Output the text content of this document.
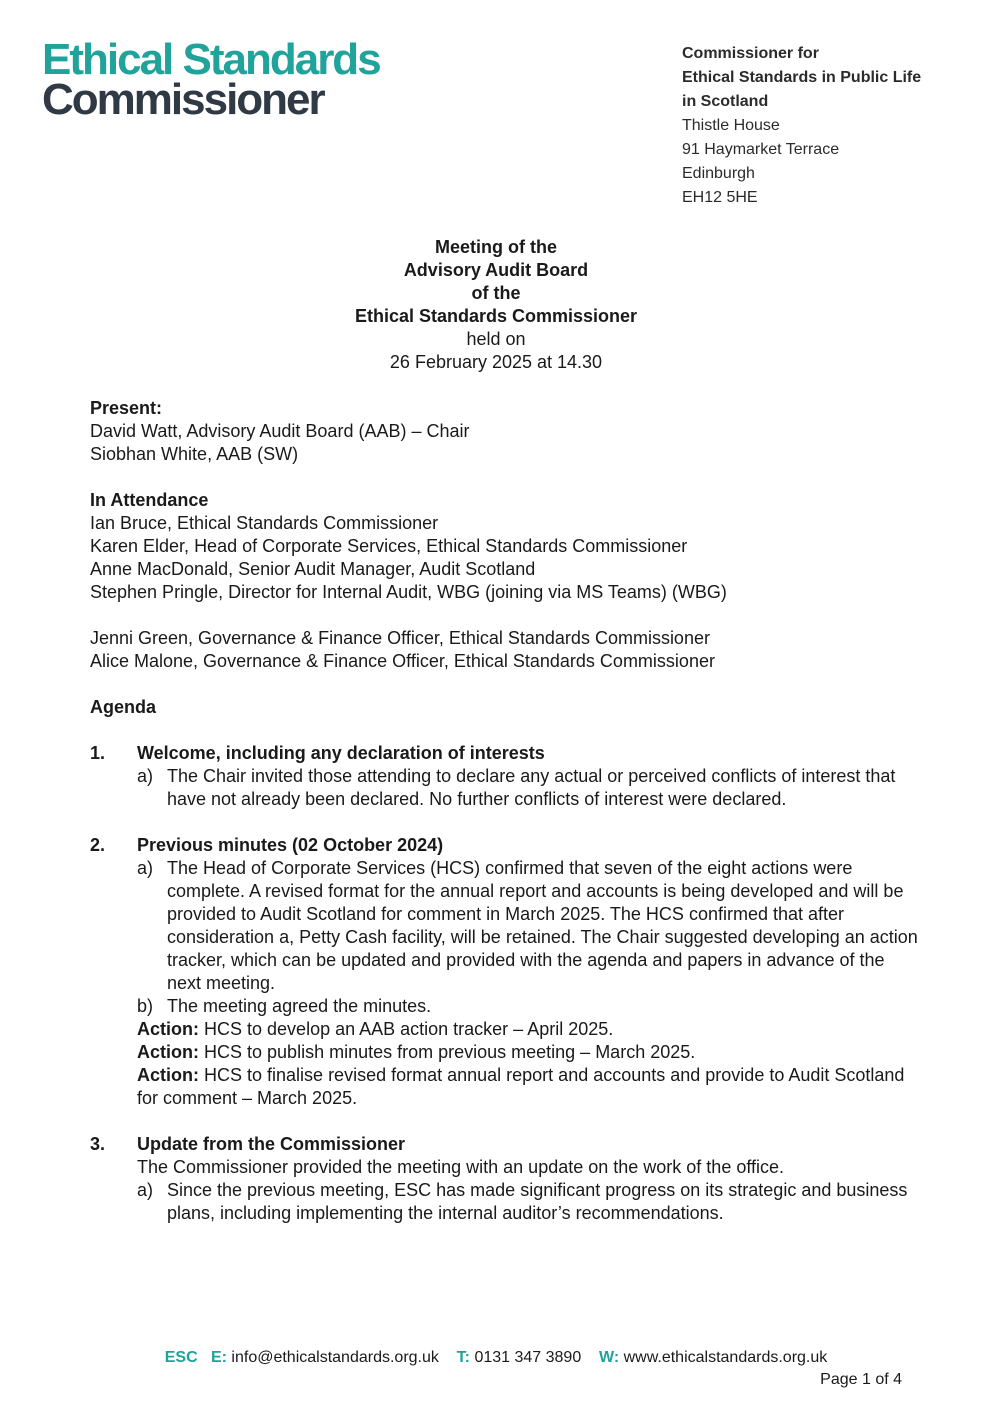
Ethical Standards
Commissioner
Commissioner for
Ethical Standards in Public Life
in Scotland
Thistle House
91 Haymarket Terrace
Edinburgh
EH12 5HE
Meeting of the
Advisory Audit Board
of the
Ethical Standards Commissioner
held on
26 February 2025 at 14.30
Present:
David Watt, Advisory Audit Board (AAB) – Chair
Siobhan White, AAB (SW)
In Attendance
Ian Bruce, Ethical Standards Commissioner
Karen Elder, Head of Corporate Services, Ethical Standards Commissioner
Anne MacDonald, Senior Audit Manager, Audit Scotland
Stephen Pringle, Director for Internal Audit, WBG (joining via MS Teams) (WBG)
Jenni Green, Governance & Finance Officer, Ethical Standards Commissioner
Alice Malone, Governance & Finance Officer, Ethical Standards Commissioner
Agenda
1.	Welcome, including any declaration of interests
a) The Chair invited those attending to declare any actual or perceived conflicts of interest that have not already been declared. No further conflicts of interest were declared.
2.	Previous minutes (02 October 2024)
a) The Head of Corporate Services (HCS) confirmed that seven of the eight actions were complete. A revised format for the annual report and accounts is being developed and will be provided to Audit Scotland for comment in March 2025. The HCS confirmed that after consideration a, Petty Cash facility, will be retained. The Chair suggested developing an action tracker, which can be updated and provided with the agenda and papers in advance of the next meeting.
b) The meeting agreed the minutes.
Action: HCS to develop an AAB action tracker – April 2025.
Action: HCS to publish minutes from previous meeting – March 2025.
Action: HCS to finalise revised format annual report and accounts and provide to Audit Scotland for comment – March 2025.
3.	Update from the Commissioner
The Commissioner provided the meeting with an update on the work of the office.
a) Since the previous meeting, ESC has made significant progress on its strategic and business plans, including implementing the internal auditor’s recommendations.
ESC E: info@ethicalstandards.org.uk T: 0131 347 3890 W: www.ethicalstandards.org.uk
Page 1 of 4
